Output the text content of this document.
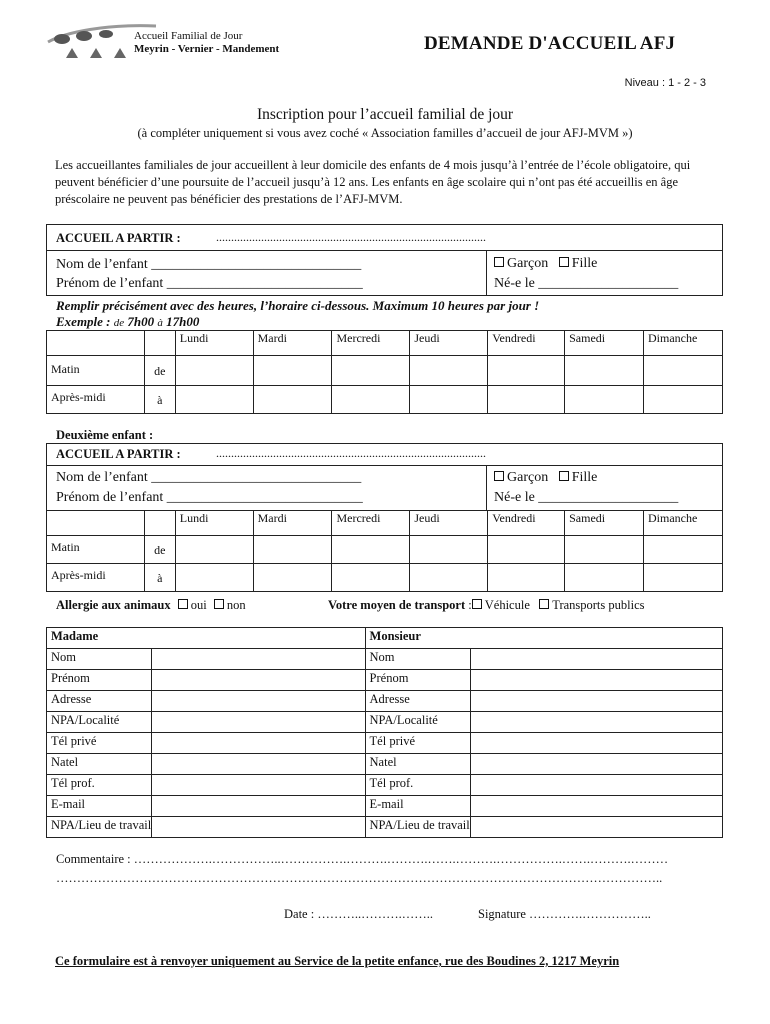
Accueil Familial de Jour
Meyrin - Vernier - Mandement	DEMANDE D'ACCUEIL AFJ
Niveau : 1 - 2 - 3
Inscription pour l’accueil familial de jour
(à compléter uniquement si vous avez coché « Association familles d’accueil de jour AFJ-MVM »)
Les accueillantes familiales de jour accueillent à leur domicile des enfants de 4 mois jusqu’à l’entrée de l’école obligatoire, qui peuvent bénéficier d’une poursuite de l’accueil jusqu’à 12 ans. Les enfants en âge scolaire qui n’ont pas été accueillis en âge préscolaire ne peuvent pas bénéficier des prestations de l’AFJ-MVM.
ACCUEIL A PARTIR :	..........................................................................................
Nom de l’enfant ______________________________
Prénom de l’enfant ____________________________
Garçon Fille
Né-e le ____________________
Remplir précisément avec des heures, l’horaire ci-dessous. Maximum 10 heures par jour !
Exemple : de 7h00 à 17h00
		Lundi	Mardi	Mercredi	Jeudi	Vendredi	Samedi	Dimanche
Matin	de							
Après-midi	à							
Deuxième enfant :
ACCUEIL A PARTIR :	..........................................................................................
Nom de l’enfant ______________________________
Prénom de l’enfant ____________________________
Garçon Fille
Né-e le ____________________
		Lundi	Mardi	Mercredi	Jeudi	Vendredi	Samedi	Dimanche
Matin	de							
Après-midi	à							
Allergie aux animaux oui non	Votre moyen de transport : Véhicule Transports publics
Madame		Monsieur	
Nom		Nom	
Prénom		Prénom	
Adresse		Adresse	
NPA/Localité		NPA/Localité	
Tél privé		Tél privé	
Natel		Natel	
Tél prof.		Tél prof.	
E-mail		E-mail	
NPA/Lieu de travail		NPA/Lieu de travail	
Commentaire : ……………….……………..…………….……….……….…….……….…………….…….……….………
………………………………………………………………………………………………………………………………..
Date : ………..……….……..	Signature ………….……………..
Ce formulaire est à renvoyer uniquement au Service de la petite enfance, rue des Boudines 2, 1217 Meyrin
